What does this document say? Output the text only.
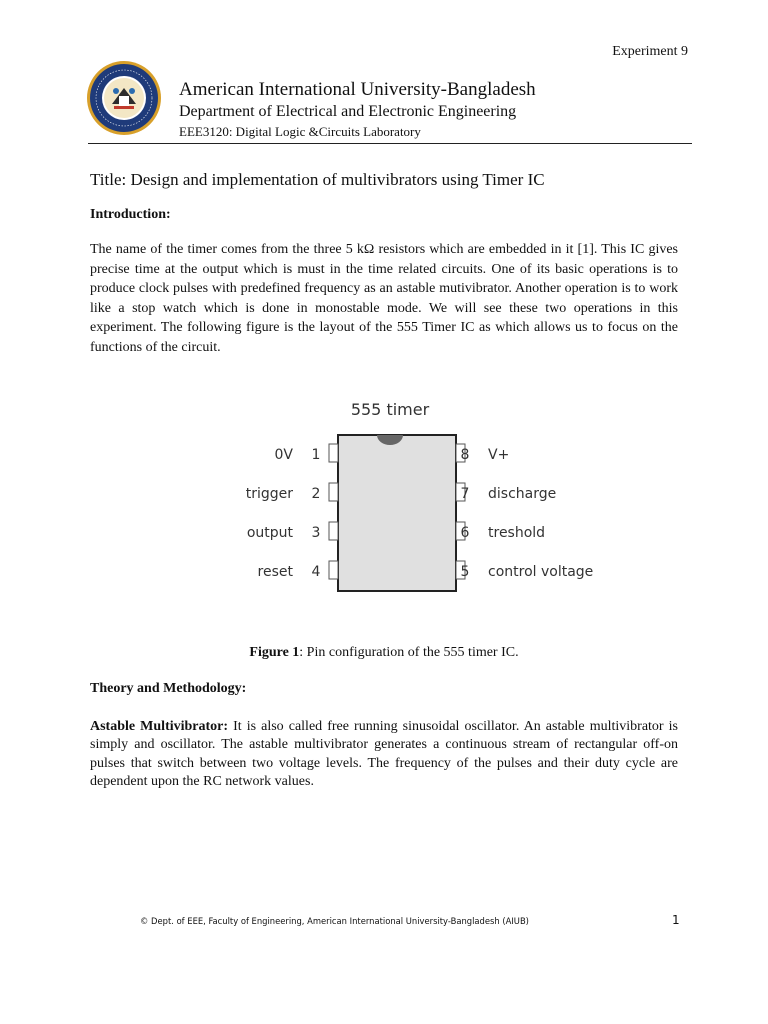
Experiment 9
American International University-Bangladesh
Department of Electrical and Electronic Engineering
EEE3120: Digital Logic &Circuits Laboratory
Title: Design and implementation of multivibrators using Timer IC
Introduction:
The name of the timer comes from the three 5 kΩ resistors which are embedded in it [1]. This IC gives precise time at the output which is must in the time related circuits. One of its basic operations is to produce clock pulses with predefined frequency as an astable mutivibrator. Another operation is to work like a stop watch which is done in monostable mode. We will see these two operations in this experiment. The following figure is the layout of the 555 Timer IC as which allows us to focus on the functions of the circuit.
555 timer
0V 1
trigger 2
output 3
reset 4
8 V+
7 discharge
6 treshold
5 control voltage
Figure 1: Pin configuration of the 555 timer IC.
Theory and Methodology:
Astable Multivibrator: It is also called free running sinusoidal oscillator. An astable multivibrator is simply and oscillator. The astable multivibrator generates a continuous stream of rectangular off-on pulses that switch between two voltage levels. The frequency of the pulses and their duty cycle are dependent upon the RC network values.
© Dept. of EEE, Faculty of Engineering, American International University-Bangladesh (AIUB)	1
